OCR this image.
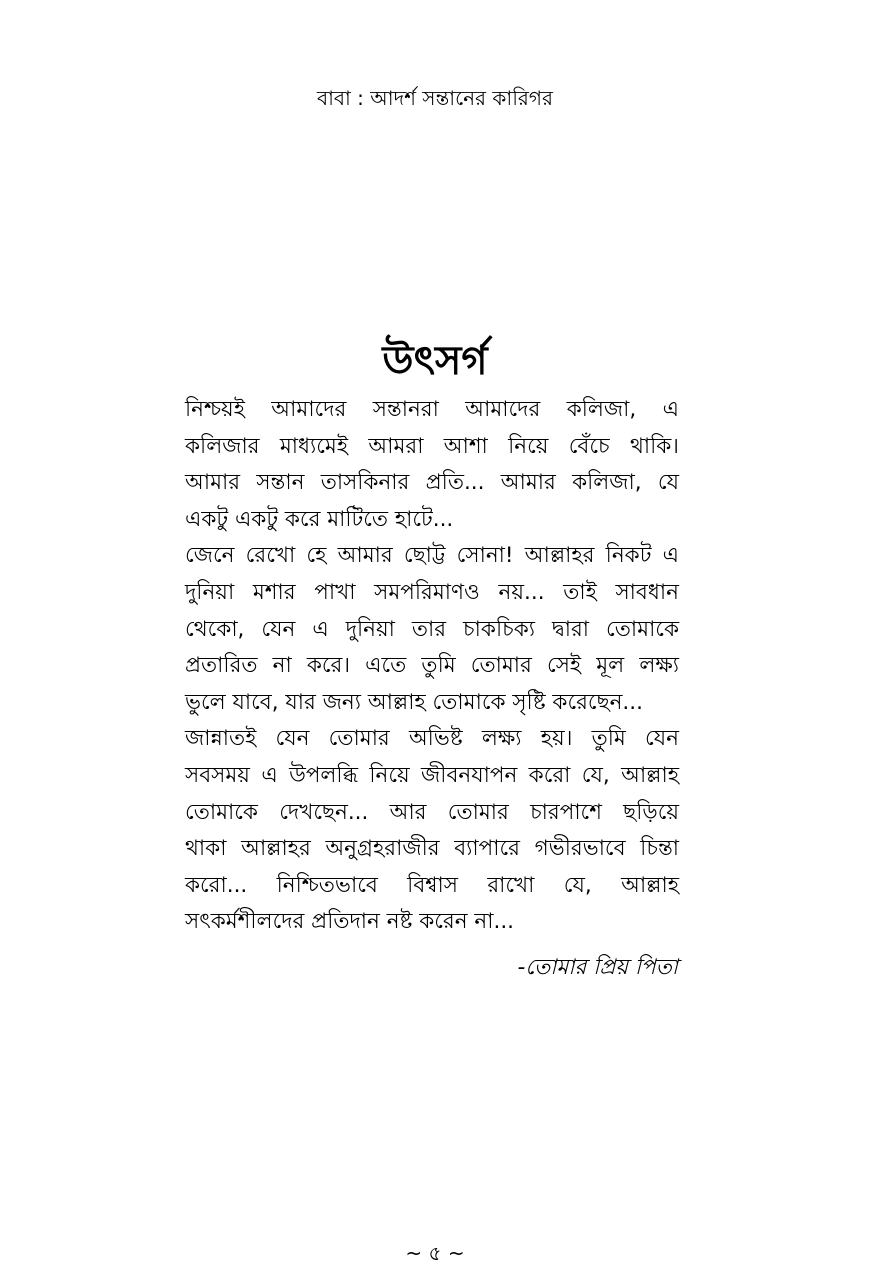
বাবা : আদর্শ সন্তানের কারিগর
উৎসর্গ
নিশ্চয়ই আমাদের সন্তানরা আমাদের কলিজা, এ
কলিজার মাধ্যমেই আমরা আশা নিয়ে বেঁচে থাকি।
আমার সন্তান তাসকিনার প্রতি... আমার কলিজা, যে
একটু একটু করে মাটিতে হাটে...
জেনে রেখো হে আমার ছোট্ট সোনা! আল্লাহর নিকট এ
দুনিয়া মশার পাখা সমপরিমাণও নয়... তাই সাবধান
থেকো, যেন এ দুনিয়া তার চাকচিক্য দ্বারা তোমাকে
প্রতারিত না করে। এতে তুমি তোমার সেই মূল লক্ষ্য
ভুলে যাবে, যার জন্য আল্লাহ তোমাকে সৃষ্টি করেছেন...
জান্নাতই যেন তোমার অভিষ্ট লক্ষ্য হয়। তুমি যেন
সবসময় এ উপলব্ধি নিয়ে জীবনযাপন করো যে, আল্লাহ
তোমাকে দেখছেন... আর তোমার চারপাশে ছড়িয়ে
থাকা আল্লাহর অনুগ্রহরাজীর ব্যাপারে গভীরভাবে চিন্তা
করো... নিশ্চিতভাবে বিশ্বাস রাখো যে, আল্লাহ
সৎকর্মশীলদের প্রতিদান নষ্ট করেন না...
-তোমার প্রিয় পিতা
~ ৫ ~
